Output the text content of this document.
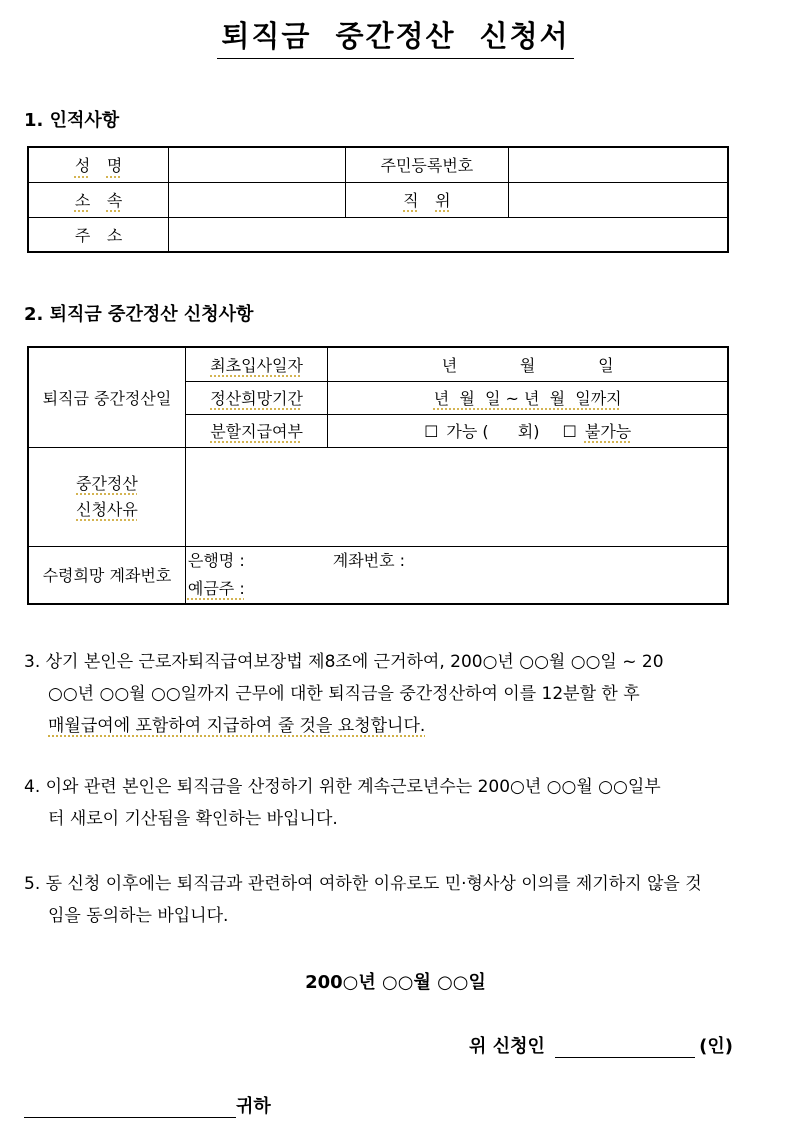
퇴직금 중간정산 신청서
1. 인적사항
성 명		주민등록번호	
소 속		직 위	
주 소			
2. 퇴직금 중간정산 신청사항
퇴직금 중간정산일	최초입사일자	년 월 일

	정산희망기간	년  월  일 ~ 년  월  일까지
	분할지급여부	☐ 가능 ( 회) ☐ 불가능

중간정산
신청사유		

수령희망 계좌번호	은행명 : 계좌번호 :
예금주 :	
3. 상기 본인은 근로자퇴직급여보장법 제8조에 근거하여, 200○년 ○○월 ○○일 ~ 20
○○년 ○○월 ○○일까지 근무에 대한 퇴직금을 중간정산하여 이를 12분할 한 후
매월급여에 포함하여 지급하여 줄 것을 요청합니다.
4. 이와 관련 본인은 퇴직금을 산정하기 위한 계속근로년수는 200○년 ○○월 ○○일부
터 새로이 기산됨을 확인하는 바입니다.
5. 동 신청 이후에는 퇴직금과 관련하여 여하한 이유로도 민·형사상 이의를 제기하지 않을 것
임을 동의하는 바입니다.
200○년 ○○월 ○○일
위 신청인	(인)
귀하
